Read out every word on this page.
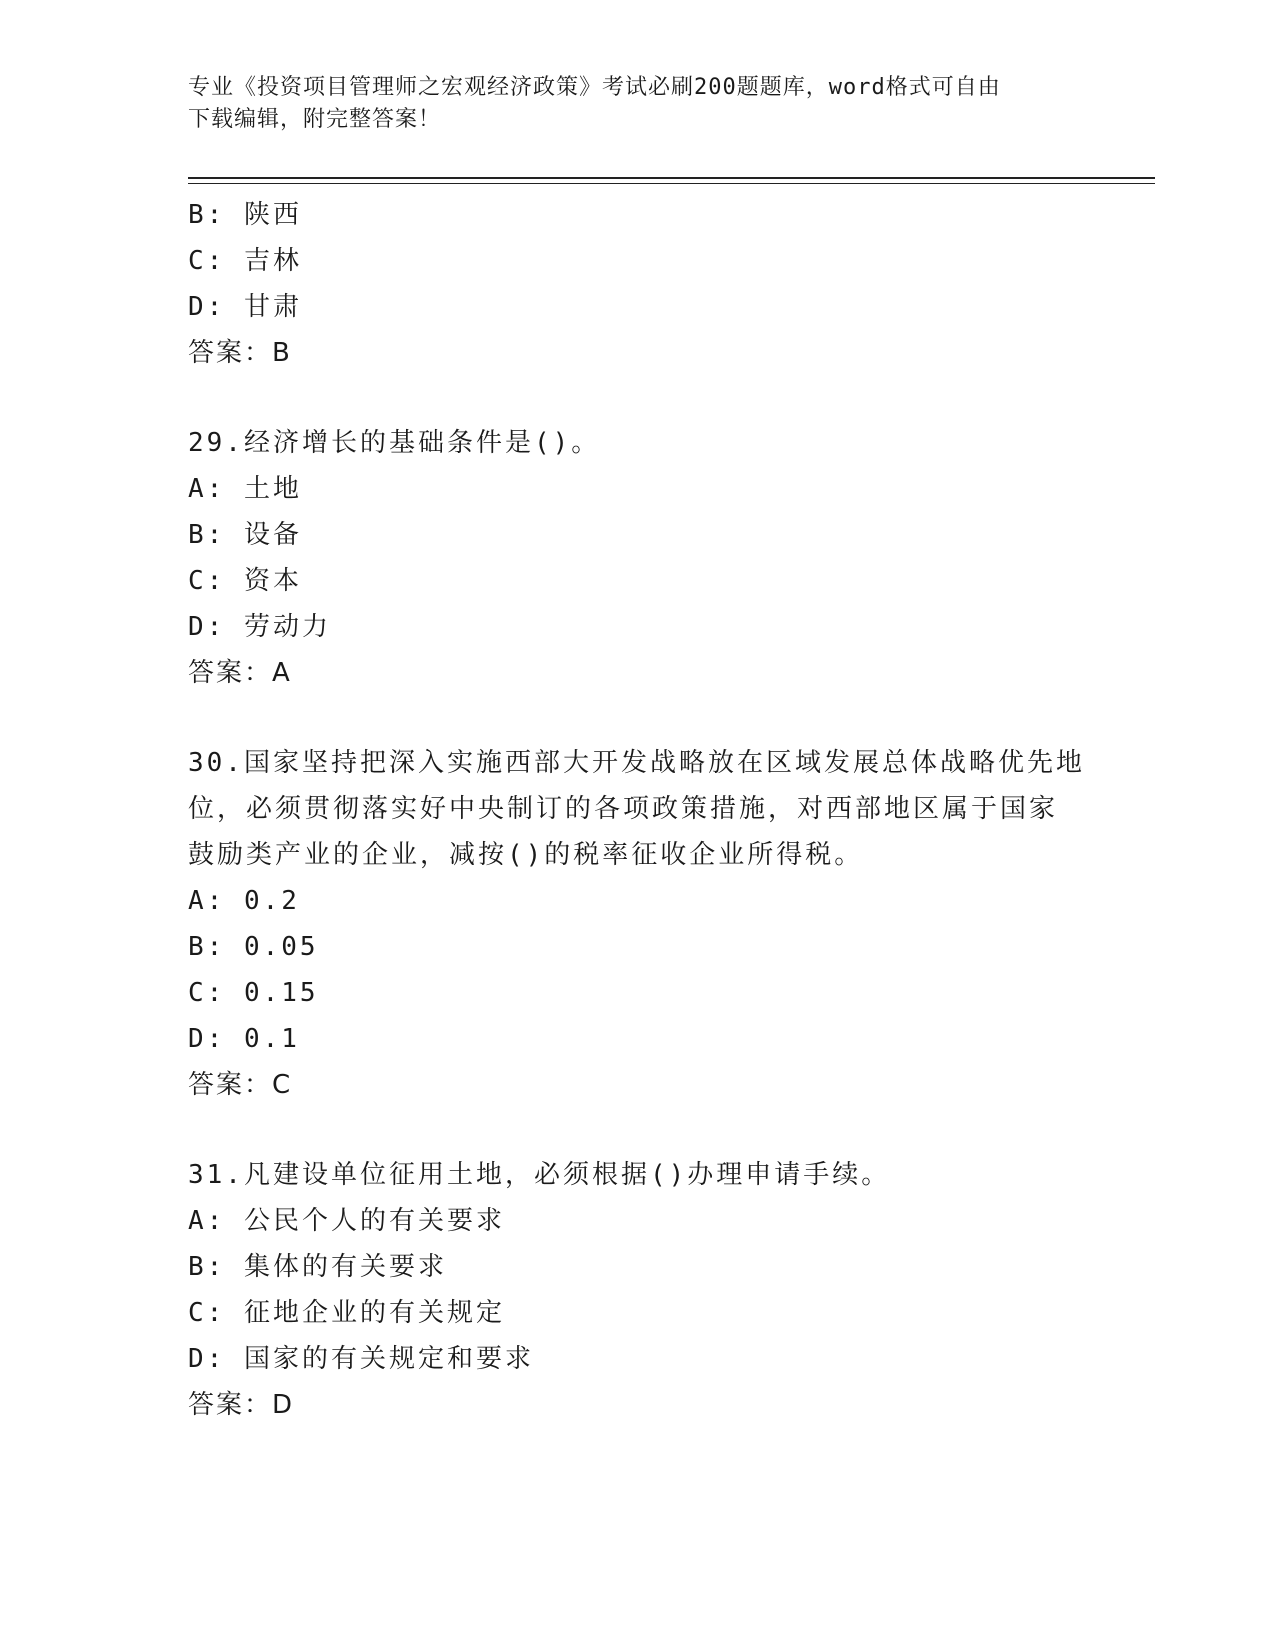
专业《投资项目管理师之宏观经济政策》考试必刷200题题库，word格式可自由
下载编辑，附完整答案！
B: 陕西
C: 吉林
D: 甘肃
答案：B
29.经济增长的基础条件是()。
A: 土地
B: 设备
C: 资本
D: 劳动力
答案：A
30.国家坚持把深入实施西部大开发战略放在区域发展总体战略优先地
位，必须贯彻落实好中央制订的各项政策措施，对西部地区属于国家
鼓励类产业的企业，减按()的税率征收企业所得税。
A: 0.2
B: 0.05
C: 0.15
D: 0.1
答案：C
31.凡建设单位征用土地，必须根据()办理申请手续。
A: 公民个人的有关要求
B: 集体的有关要求
C: 征地企业的有关规定
D: 国家的有关规定和要求
答案：D
